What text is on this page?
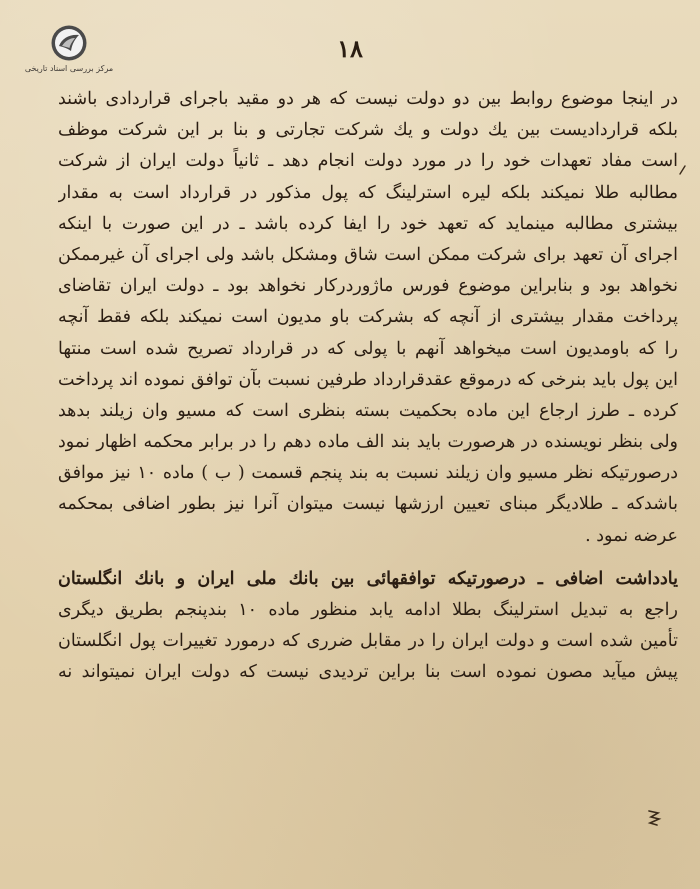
مرکز بررسی اسناد تاریخی
۱۸
در اینجا موضوع روابط بین دو دولت نیست که هر دو مقید باجرای قراردادی باشند
بلکه قراردادیست بین یك دولت و یك شرکت تجارتی و بنا بر این شرکت موظف
است مفاد تعهدات خود را در مورد دولت انجام دهد ـ ثانیاً دولت ایران از شرکت
مطالبه طلا نمیکند بلکه لیره استرلینگ که پول مذکور در قرارداد است به مقدار
بیشتری مطالبه مینماید که تعهد خود را ایفا کرده باشد ـ در این صورت با اینکه
اجرای آن تعهد برای شرکت ممکن است شاق ومشکل باشد ولی اجرای آن غیرممکن
نخواهد بود و بنابراین موضوع فورس ماژوردرکار نخواهد بود ـ دولت ایران تقاضای
پرداخت مقدار بیشتری از آنچه که بشرکت باو مدیون است نمیکند بلکه فقط آنچه
را که باومدیون است میخواهد آنهم با پولی که در قرارداد تصریح شده است منتها
این پول باید بنرخی که درموقع عقدقرارداد طرفین نسبت بآن توافق نموده اند پرداخت
کرده ـ طرز ارجاع این ماده بحکمیت بسته بنظری است که مسیو وان زیلند بدهد
ولی بنظر نویسنده در هرصورت باید بند الف ماده دهم را در برابر محکمه اظهار نمود
درصورتیکه نظر مسیو وان زیلند نسبت به بند پنجم قسمت ( ب ) ماده ۱۰ نیز موافق
باشدکه ـ طلادیگر مبنای تعیین ارزشها نیست میتوان آنرا نیز بطور اضافی بمحکمه
عرضه نمود .
یادداشت اضافی ـ درصورتیکه توافقهائی بین بانك ملی ایران و بانك انگلستان
راجع به تبدیل استرلینگ بطلا ادامه یابد منظور ماده ۱۰ بندپنجم بطریق دیگری
تأمین شده است و دولت ایران را در مقابل ضرری که درمورد تغییرات پول انگلستان
پیش میآید مصون نموده است بنا براین تردیدی نیست که دولت ایران نمیتواند نه
